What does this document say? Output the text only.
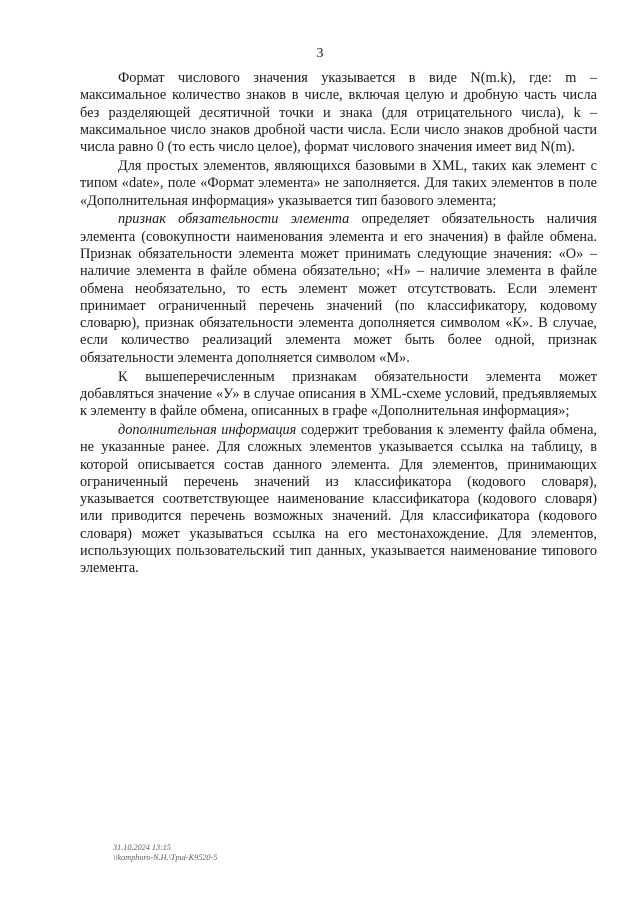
3

Формат числового значения указывается в виде N(m.k), где: m – максимальное количество знаков в числе, включая целую и дробную часть числа без разделяющей десятичной точки и знака (для отрицательного числа), k – максимальное число знаков дробной части числа. Если число знаков дробной части числа равно 0 (то есть число целое), формат числового значения имеет вид N(m).

Для простых элементов, являющихся базовыми в XML, таких как элемент с типом «date», поле «Формат элемента» не заполняется. Для таких элементов в поле «Дополнительная информация» указывается тип базового элемента;

признак обязательности элемента определяет обязательность наличия элемента (совокупности наименования элемента и его значения) в файле обмена. Признак обязательности элемента может принимать следующие значения: «О» – наличие элемента в файле обмена обязательно; «Н» – наличие элемента в файле обмена необязательно, то есть элемент может отсутствовать. Если элемент принимает ограниченный перечень значений (по классификатору, кодовому словарю), признак обязательности элемента дополняется символом «К». В случае, если количество реализаций элемента может быть более одной, признак обязательности элемента дополняется символом «М».

К вышеперечисленным признакам обязательности элемента может добавляться значение «У» в случае описания в XML-схеме условий, предъявляемых к элементу в файле обмена, описанных в графе «Дополнительная информация»;

дополнительная информация содержит требования к элементу файла обмена, не указанные ранее. Для сложных элементов указывается ссылка на таблицу, в которой описывается состав данного элемента. Для элементов, принимающих ограниченный перечень значений из классификатора (кодового словаря), указывается соответствующее наименование классификатора (кодового словаря) или приводится перечень возможных значений. Для классификатора (кодового словаря) может указываться ссылка на его местонахождение. Для элементов, использующих пользовательский тип данных, указывается наименование типового элемента.

31.10.2024 13:15
\\komphuro-N.H.\Tpui-K9520-5
